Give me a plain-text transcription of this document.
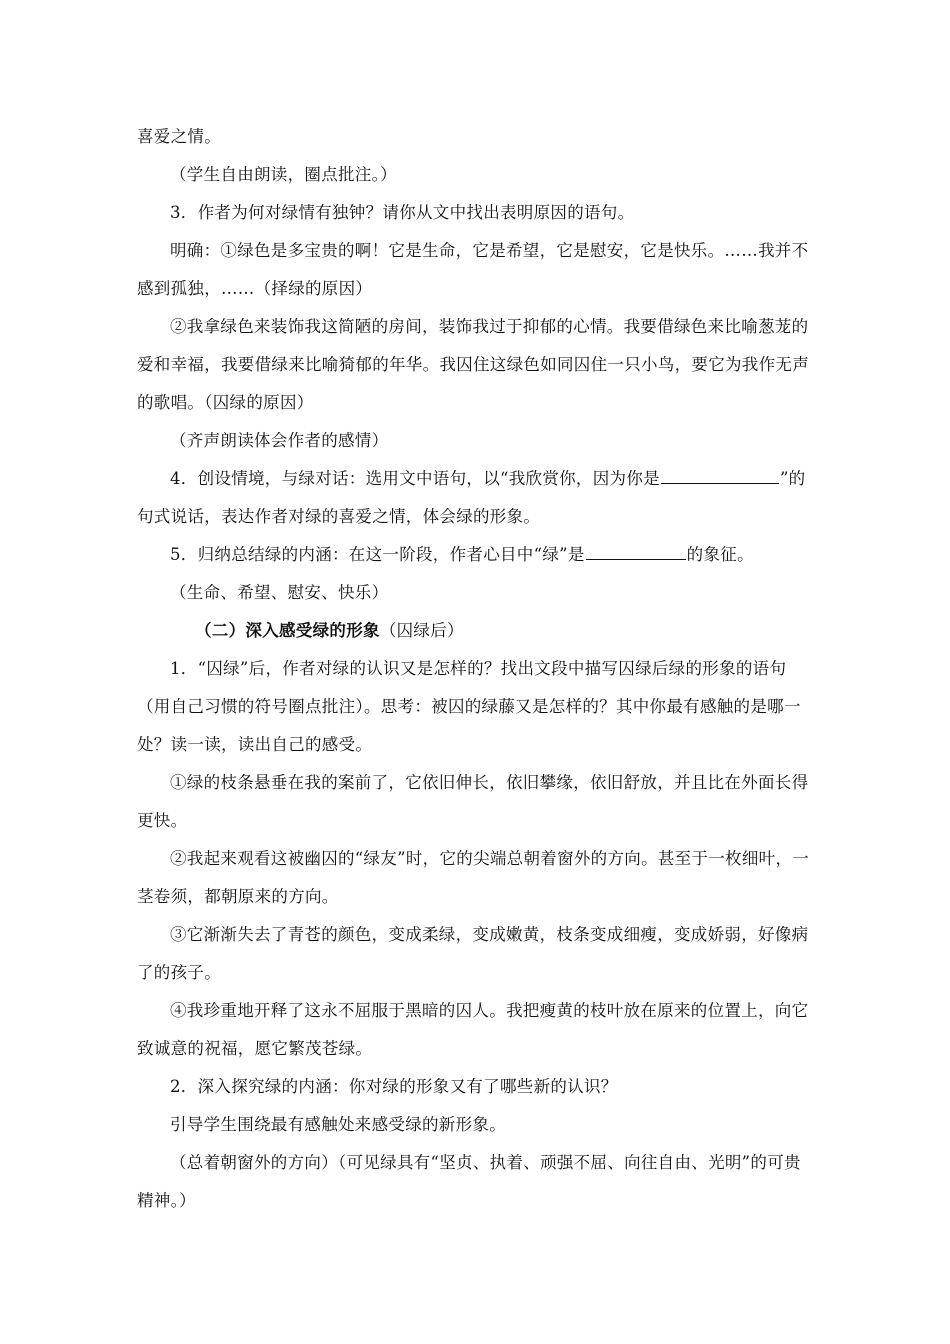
喜爱之情。

（学生自由朗读，圈点批注。）

3．作者为何对绿情有独钟？请你从文中找出表明原因的语句。

明确：①绿色是多宝贵的啊！它是生命，它是希望，它是慰安，它是快乐。……我并不感到孤独，……（择绿的原因）

②我拿绿色来装饰我这简陋的房间，装饰我过于抑郁的心情。我要借绿色来比喻葱茏的爱和幸福，我要借绿来比喻猗郁的年华。我囚住这绿色如同囚住一只小鸟，要它为我作无声的歌唱。（囚绿的原因）

（齐声朗读体会作者的感情）

4．创设情境，与绿对话：选用文中语句，以“我欣赏你，因为你是	”的句式说话，表达作者对绿的喜爱之情，体会绿的形象。

5．归纳总结绿的内涵：在这一阶段，作者心目中“绿”是	的象征。

（生命、希望、慰安、快乐）

（二）深入感受绿的形象（囚绿后）

1．“囚绿”后，作者对绿的认识又是怎样的？找出文段中描写囚绿后绿的形象的语句（用自己习惯的符号圈点批注）。思考：被囚的绿藤又是怎样的？其中你最有感触的是哪一处？读一读，读出自己的感受。

①绿的枝条悬垂在我的案前了，它依旧伸长，依旧攀缘，依旧舒放，并且比在外面长得更快。

②我起来观看这被幽囚的“绿友”时，它的尖端总朝着窗外的方向。甚至于一枚细叶，一茎卷须，都朝原来的方向。

③它渐渐失去了青苍的颜色，变成柔绿，变成嫩黄，枝条变成细瘦，变成娇弱，好像病了的孩子。

④我珍重地开释了这永不屈服于黑暗的囚人。我把瘦黄的枝叶放在原来的位置上，向它致诚意的祝福，愿它繁茂苍绿。

2．深入探究绿的内涵：你对绿的形象又有了哪些新的认识？

引导学生围绕最有感触处来感受绿的新形象。

（总着朝窗外的方向）（可见绿具有“坚贞、执着、顽强不屈、向往自由、光明”的可贵精神。）
